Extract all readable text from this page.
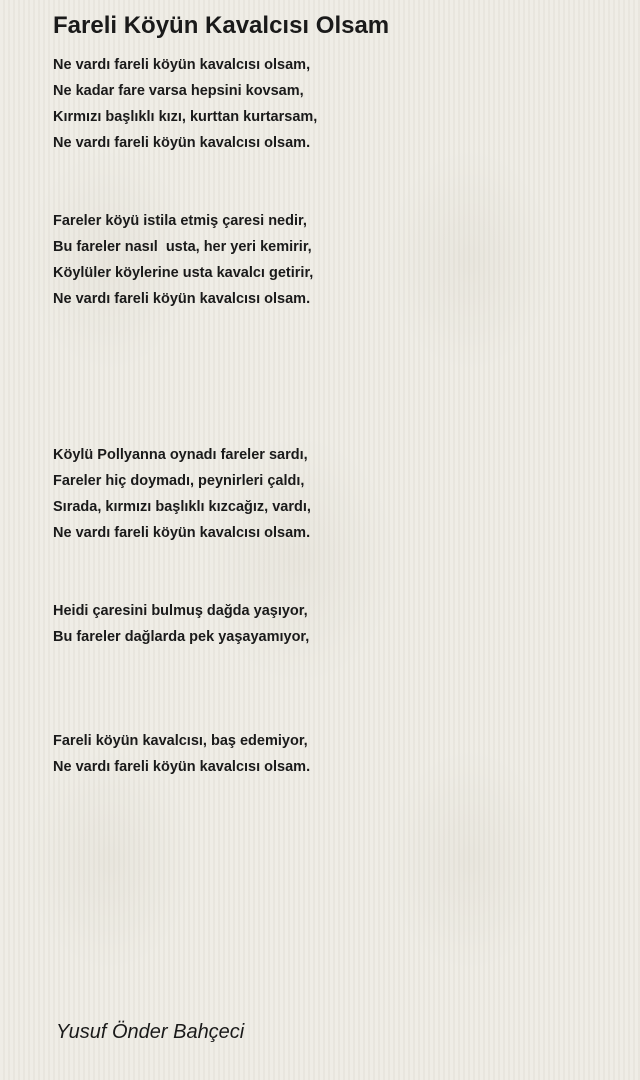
Fareli Köyün Kavalcısı Olsam
Ne vardı fareli köyün kavalcısı olsam,
Ne kadar fare varsa hepsini kovsam,
Kırmızı başlıklı kızı, kurttan kurtarsam,
Ne vardı fareli köyün kavalcısı olsam.
Fareler köyü istila etmiş çaresi nedir,
Bu fareler nasıl  usta, her yeri kemirir,
Köylüler köylerine usta kavalcı getirir,
Ne vardı fareli köyün kavalcısı olsam.
Köylü Pollyanna oynadı fareler sardı,
Fareler hiç doymadı, peynirleri çaldı,
Sırada, kırmızı başlıklı kızcağız, vardı,
Ne vardı fareli köyün kavalcısı olsam.
Heidi çaresini bulmuş dağda yaşıyor,
Bu fareler dağlarda pek yaşayamıyor,
Fareli köyün kavalcısı, baş edemiyor,
Ne vardı fareli köyün kavalcısı olsam.
Yusuf Önder Bahçeci
